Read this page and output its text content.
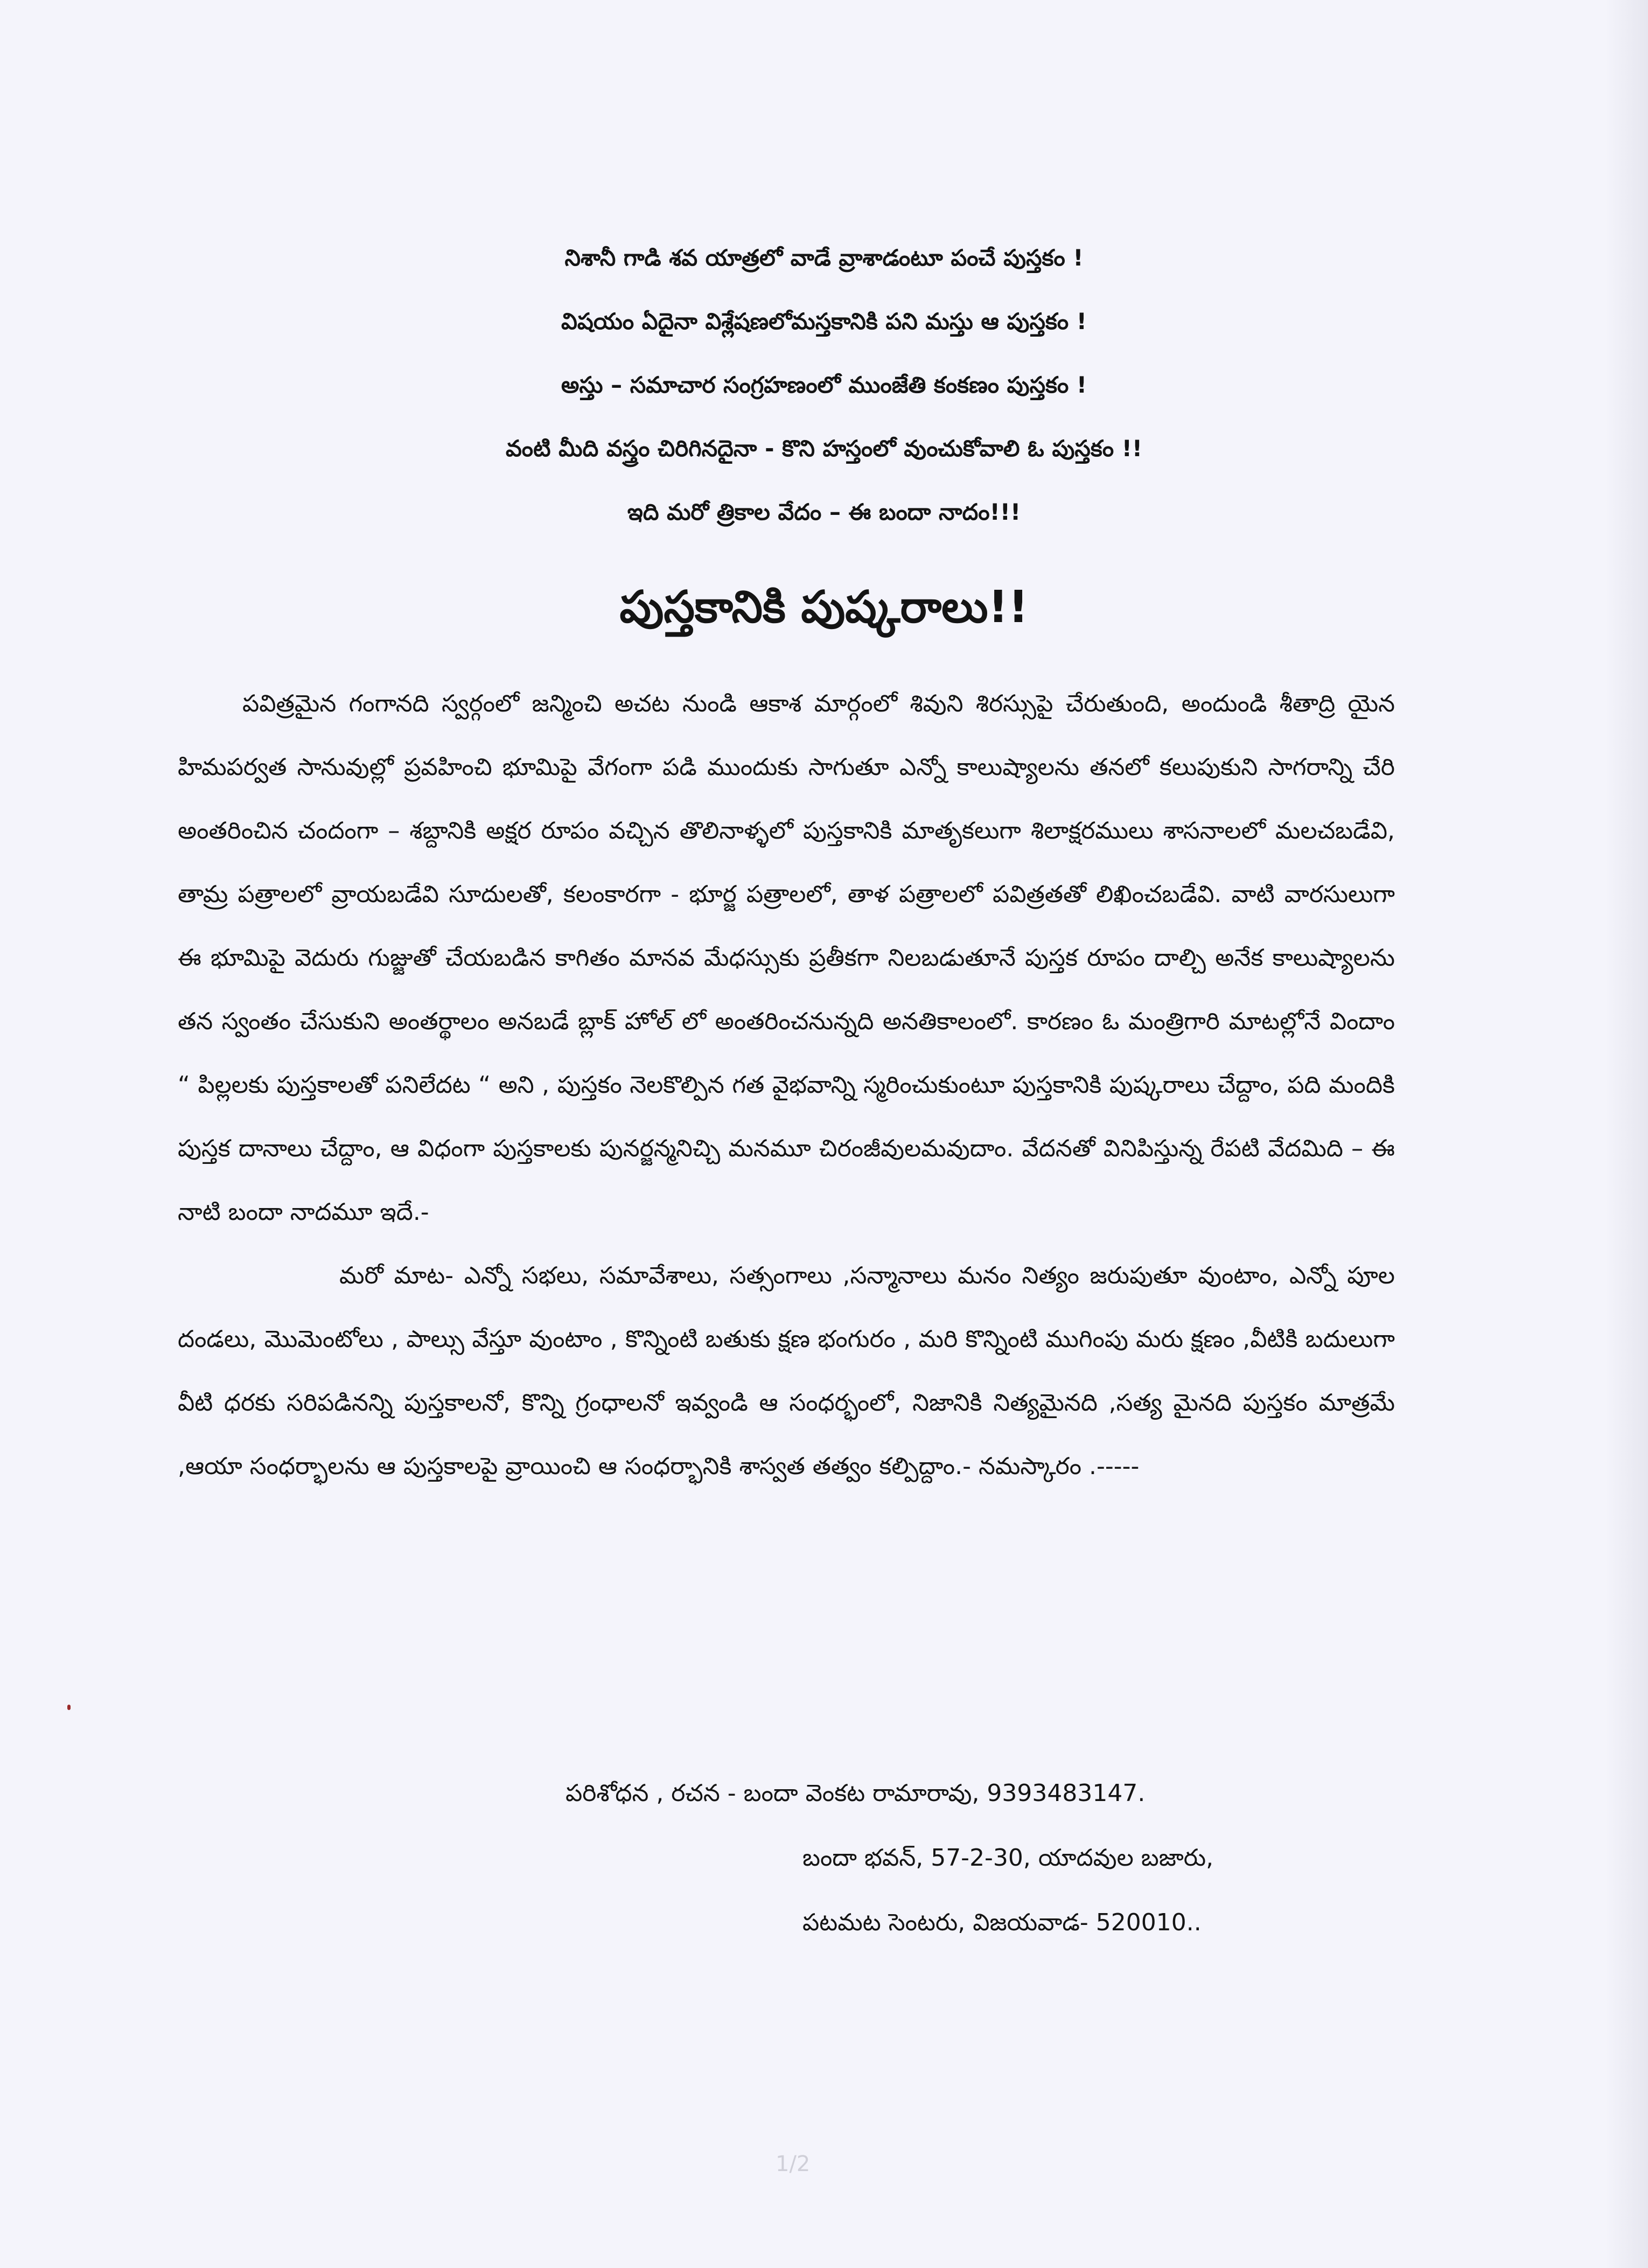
నిశానీ గాడి శవ యాత్రలో వాడే వ్రాశాడంటూ పంచే పుస్తకం !
విషయం ఏదైనా విశ్లేషణలోమస్తకానికి పని మస్తు ఆ పుస్తకం !
అస్తు – సమాచార సంగ్రహణంలో ముంజేతి కంకణం పుస్తకం !
వంటి మీది వస్త్రం చిరిగినదైనా - కొని హస్తంలో వుంచుకోవాలి ఓ పుస్తకం !!
ఇది మరో త్రికాల వేదం – ఈ బందా నాదం!!!
పుస్తకానికి పుష్కరాలు!!

పవిత్రమైన గంగానది స్వర్గంలో జన్మించి అచట నుండి ఆకాశ మార్గంలో శివుని శిరస్సుపై చేరుతుంది, అందుండి శీతాద్రి యైన హిమపర్వత సానువుల్లో ప్రవహించి భూమిపై వేగంగా పడి ముందుకు సాగుతూ ఎన్నో కాలుష్యాలను తనలో కలుపుకుని సాగరాన్ని చేరి అంతరించిన చందంగా – శబ్దానికి అక్షర రూపం వచ్చిన తొలినాళ్ళలో పుస్తకానికి మాతృకలుగా శిలాక్షరములు శాసనాలలో మలచబడేవి, తామ్ర పత్రాలలో వ్రాయబడేవి సూదులతో, కలంకారగా - భూర్జ పత్రాలలో, తాళ పత్రాలలో పవిత్రతతో లిఖించబడేవి. వాటి వారసులుగా ఈ భూమిపై వెదురు గుజ్జుతో చేయబడిన కాగితం మానవ మేధస్సుకు ప్రతీకగా నిలబడుతూనే పుస్తక రూపం దాల్చి అనేక కాలుష్యాలను తన స్వంతం చేసుకుని అంతర్థాలం అనబడే బ్లాక్ హోల్ లో అంతరించనున్నది అనతికాలంలో. కారణం ఓ మంత్రిగారి మాటల్లోనే విందాం “ పిల్లలకు పుస్తకాలతో పనిలేదట “ అని , పుస్తకం నెలకొల్పిన గత వైభవాన్ని స్మరించుకుంటూ పుస్తకానికి పుష్కరాలు చేద్దాం, పది మందికి పుస్తక దానాలు చేద్దాం, ఆ విధంగా పుస్తకాలకు పునర్జన్మనిచ్చి మనమూ చిరంజీవులమవుదాం. వేదనతో వినిపిస్తున్న రేపటి వేదమిది – ఈ నాటి బందా నాదమూ ఇదే.-

మరో మాట- ఎన్నో సభలు, సమావేశాలు, సత్సంగాలు ,సన్మానాలు మనం నిత్యం జరుపుతూ వుంటాం, ఎన్నో పూల దండలు, మొమెంటోలు , పాల్సు వేస్తూ వుంటాం , కొన్నింటి బతుకు క్షణ భంగురం , మరి కొన్నింటి ముగింపు మరు క్షణం ,వీటికి బదులుగా వీటి ధరకు సరిపడినన్ని పుస్తకాలనో, కొన్ని గ్రంధాలనో ఇవ్వండి ఆ సంధర్భంలో, నిజానికి నిత్యమైనది ,సత్య మైనది పుస్తకం మాత్రమే ,ఆయా సంధర్భాలను ఆ పుస్తకాలపై వ్రాయించి ఆ సంధర్భానికి శాస్వత తత్వం కల్పిద్దాం.- నమస్కారం .-----

పరిశోధన , రచన - బందా వెంకట రామారావు, 9393483147.
బందా భవన్, 57-2-30, యాదవుల బజారు,
పటమట సెంటరు, విజయవాడ- 520010..
1/2
